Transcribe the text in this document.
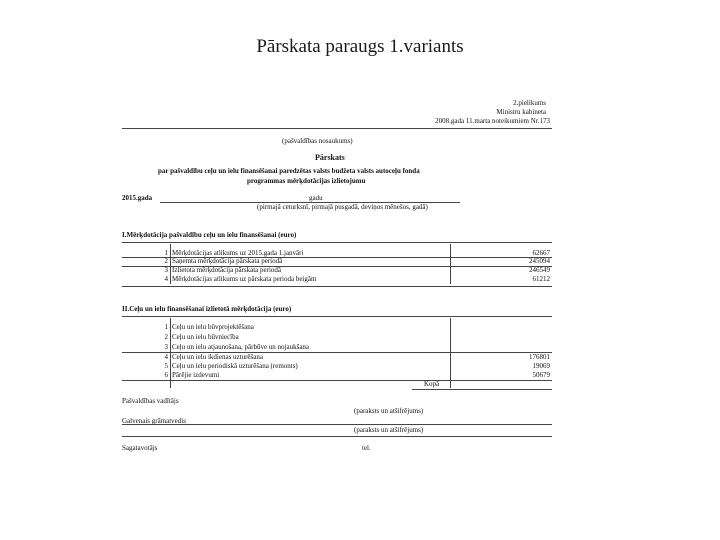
Pārskata paraugs 1.variants
2.pielikums
Ministru kabineta
2008.gada 11.marta noteikumiem Nr.173
(pašvaldības nosaukums)
Pārskats
par pašvaldību ceļu un ielu finansēšanai paredzētas valsts budžeta valsts autoceļu fonda
programmas mērķdotācijas izlietojumu
2015.gada	gadu
(pirmajā ceturksnī, pirmajā pusgadā, deviņos mēnešos, gadā)
I.Mērķdotācija pašvaldību ceļu un ielu finansēšanai (euro)
1 Mērķdotācijas atlikums uz 2015.gada 1.janvāri	62667
2 Saņemta mērķdotācija pārskata periodā	245094
3 Izlietota mērķdotācija pārskata periodā	246549
4 Mērķdotācijas atlikums uz pārskata perioda beigām	61212
II.Ceļu un ielu finansēšanai izlietotā mērķdotācija (euro)
1 Ceļu un ielu būvprojektēšana
2 Ceļu un ielu būvniecība
3 Ceļu un ielu atjaunošana, pārbūve un nojaukšana
4 Ceļu un ielu ikdienas uzturēšana	176801
5 Ceļu un ielu periodiskā uzturēšana (remonts)	19069
6 Pārējie izdevumi	50679
Kopā
Pašvaldības vadītājs
(paraksts un atšifrējums)
Galvenais grāmatvedis
(paraksts un atšifrējums)
Sagatavotājs	tel.
